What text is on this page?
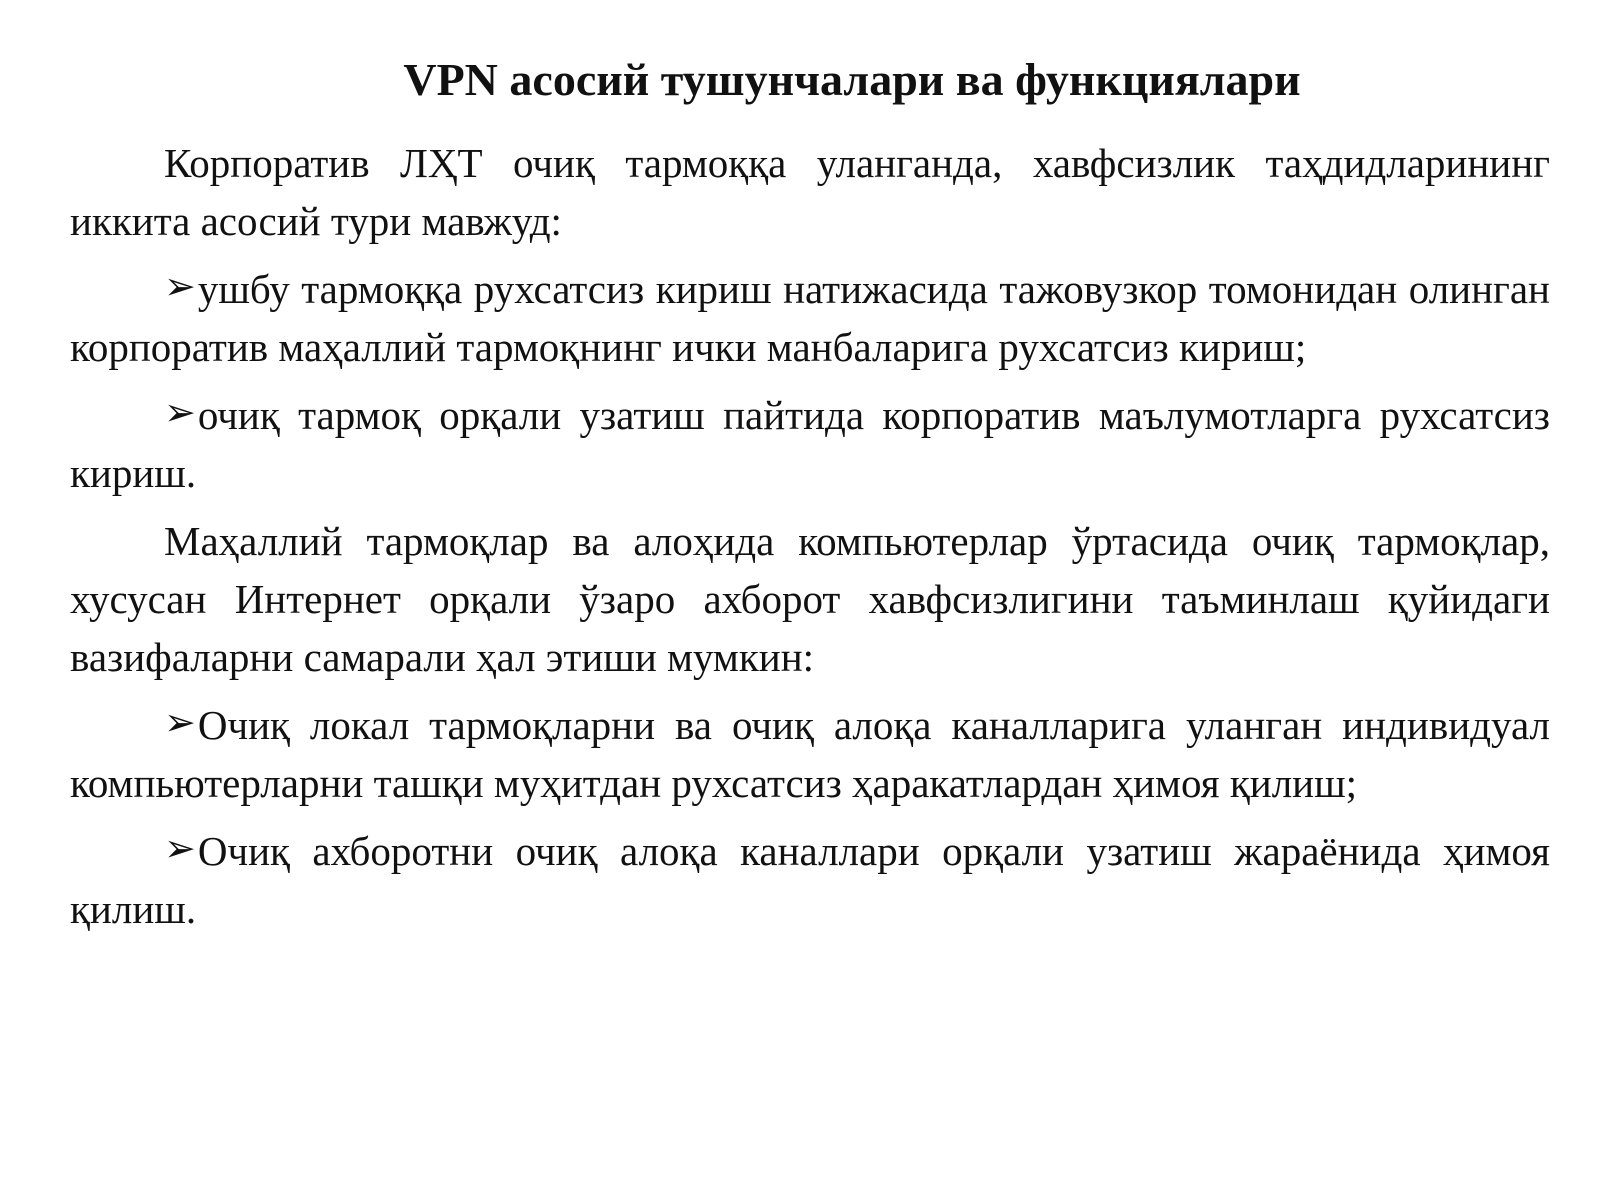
VPN асосий тушунчалари ва функциялари

Корпоратив ЛҲТ очиқ тармоққа уланганда, хавфсизлик таҳдидларининг иккита асосий тури мавжуд:

➢ушбу тармоққа рухсатсиз кириш натижасида тажовузкор томонидан олинган корпоратив маҳаллий тармоқнинг ички манбаларига рухсатсиз кириш;

➢очиқ тармоқ орқали узатиш пайтида корпоратив маълумотларга рухсатсиз кириш.

Маҳаллий тармоқлар ва алоҳида компьютерлар ўртасида очиқ тармоқлар, хусусан Интернет орқали ўзаро ахборот хавфсизлигини таъминлаш қуйидаги вазифаларни самарали ҳал этиши мумкин:

➢Очиқ локал тармоқларни ва очиқ алоқа каналларига уланган индивидуал компьютерларни ташқи муҳитдан рухсатсиз ҳаракатлардан ҳимоя қилиш;

➢Очиқ ахборотни очиқ алоқа каналлари орқали узатиш жараёнида ҳимоя қилиш.
